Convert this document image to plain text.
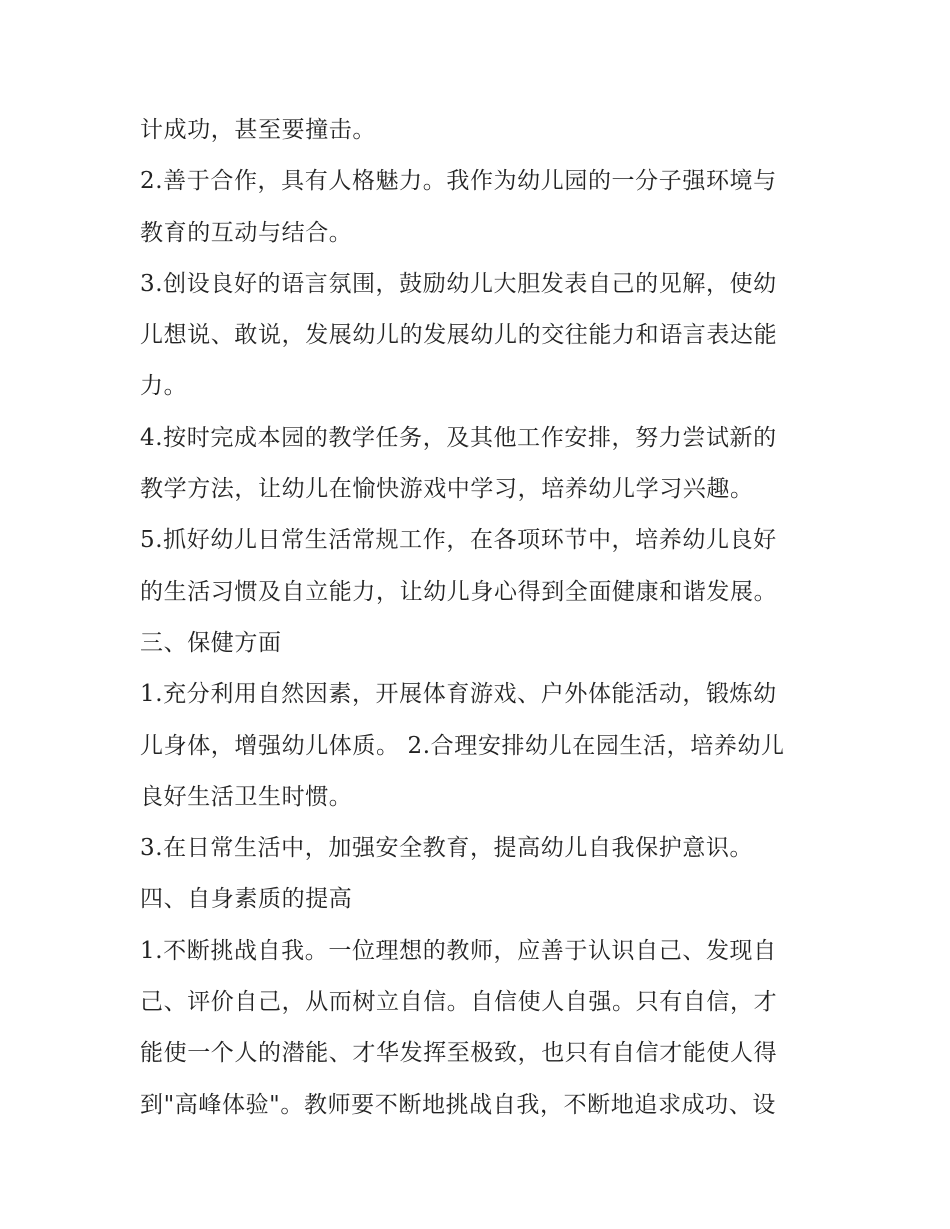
计成功，甚至要撞击。
2.善于合作，具有人格魅力。我作为幼儿园的一分子强环境与
教育的互动与结合。
3.创设良好的语言氛围，鼓励幼儿大胆发表自己的见解，使幼
儿想说、敢说，发展幼儿的发展幼儿的交往能力和语言表达能
力。
4.按时完成本园的教学任务，及其他工作安排，努力尝试新的
教学方法，让幼儿在愉快游戏中学习，培养幼儿学习兴趣。
5.抓好幼儿日常生活常规工作，在各项环节中，培养幼儿良好
的生活习惯及自立能力，让幼儿身心得到全面健康和谐发展。
三、保健方面
1.充分利用自然因素，开展体育游戏、户外体能活动，锻炼幼
儿身体，增强幼儿体质。 2.合理安排幼儿在园生活，培养幼儿
良好生活卫生时惯。
3.在日常生活中，加强安全教育，提高幼儿自我保护意识。
四、自身素质的提高
1.不断挑战自我。一位理想的教师，应善于认识自己、发现自
己、评价自己，从而树立自信。自信使人自强。只有自信，才
能使一个人的潜能、才华发挥至极致，也只有自信才能使人得
到"高峰体验"。教师要不断地挑战自我，不断地追求成功、设
